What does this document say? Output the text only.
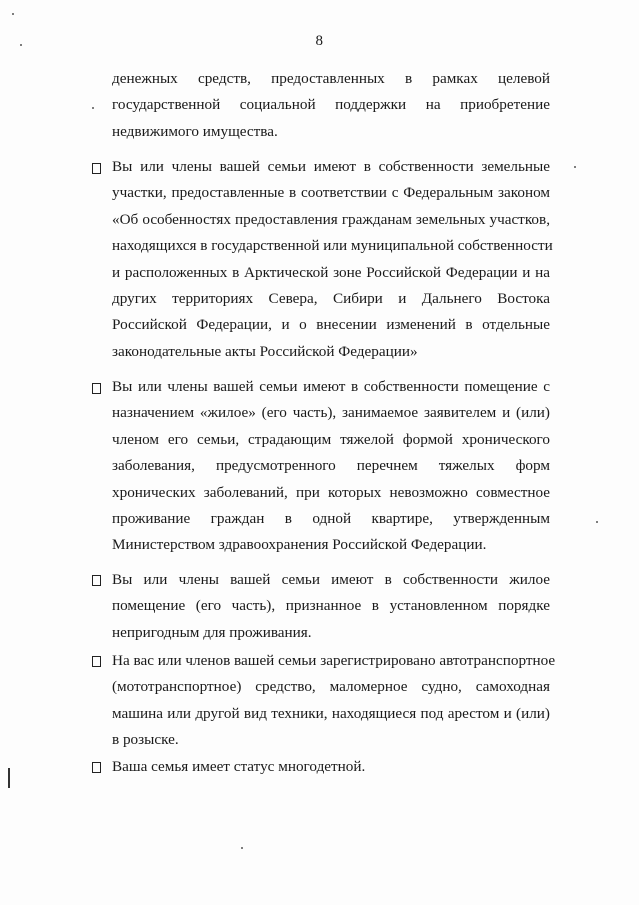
8
денежных средств, предоставленных в рамках целевой
государственной социальной поддержки на приобретение
недвижимого имущества.
Вы или члены вашей семьи имеют в собственности земельные
участки, предоставленные в соответствии с Федеральным законом
«Об особенностях предоставления гражданам земельных участков,
находящихся в государственной или муниципальной собственности
и расположенных в Арктической зоне Российской Федерации и на
других территориях Севера, Сибири и Дальнего Востока
Российской Федерации, и о внесении изменений в отдельные
законодательные акты Российской Федерации»
Вы или члены вашей семьи имеют в собственности помещение с
назначением «жилое» (его часть), занимаемое заявителем и (или)
членом его семьи, страдающим тяжелой формой хронического
заболевания, предусмотренного перечнем тяжелых форм
хронических заболеваний, при которых невозможно совместное
проживание граждан в одной квартире, утвержденным
Министерством здравоохранения Российской Федерации.
Вы или члены вашей семьи имеют в собственности жилое
помещение (его часть), признанное в установленном порядке
непригодным для проживания.
На вас или членов вашей семьи зарегистрировано автотранспортное
(мототранспортное) средство, маломерное судно, самоходная
машина или другой вид техники, находящиеся под арестом и (или)
в розыске.
Ваша семья имеет статус многодетной.
